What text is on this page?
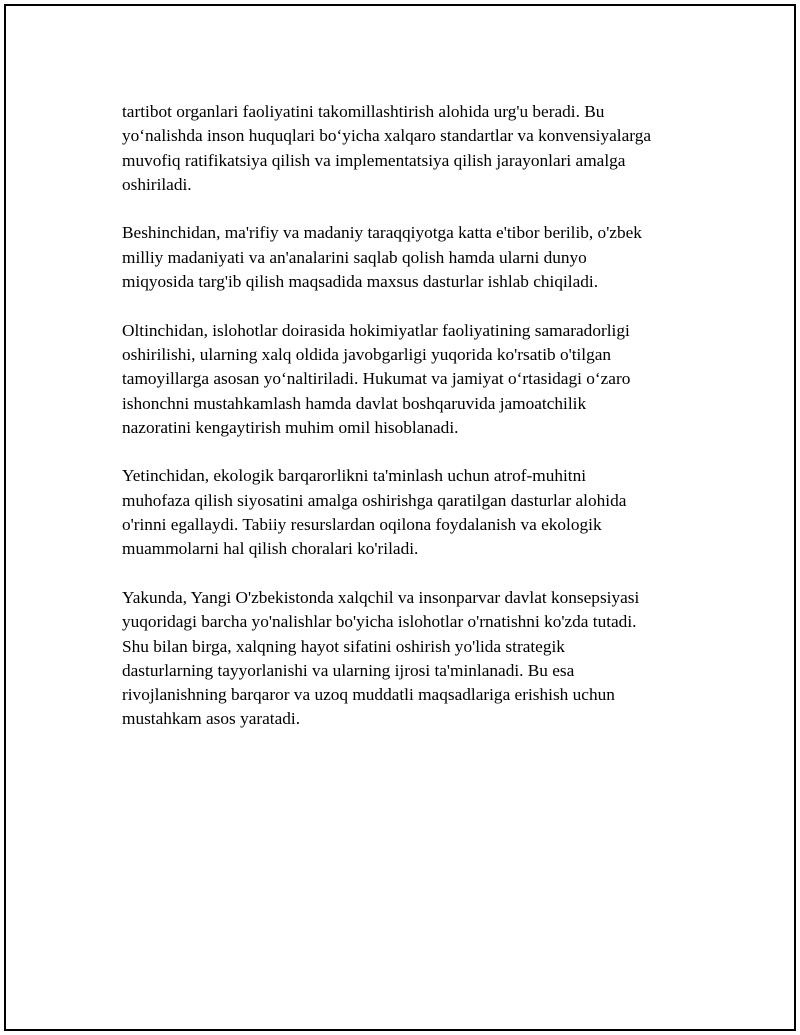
tartibot organlari faoliyatini takomillashtirish alohida urg'u beradi. Bu
yo‘nalishda inson huquqlari bo‘yicha xalqaro standartlar va konvensiyalarga
muvofiq ratifikatsiya qilish va implementatsiya qilish jarayonlari amalga
oshiriladi.

Beshinchidan, ma'rifiy va madaniy taraqqiyotga katta e'tibor berilib, o'zbek
milliy madaniyati va an'analarini saqlab qolish hamda ularni dunyo
miqyosida targ'ib qilish maqsadida maxsus dasturlar ishlab chiqiladi.

Oltinchidan, islohotlar doirasida hokimiyatlar faoliyatining samaradorligi
oshirilishi, ularning xalq oldida javobgarligi yuqorida ko'rsatib o'tilgan
tamoyillarga asosan yo‘naltiriladi. Hukumat va jamiyat o‘rtasidagi o‘zaro
ishonchni mustahkamlash hamda davlat boshqaruvida jamoatchilik
nazoratini kengaytirish muhim omil hisoblanadi.

Yetinchidan, ekologik barqarorlikni ta'minlash uchun atrof-muhitni
muhofaza qilish siyosatini amalga oshirishga qaratilgan dasturlar alohida
o'rinni egallaydi. Tabiiy resurslardan oqilona foydalanish va ekologik
muammolarni hal qilish choralari ko'riladi.

Yakunda, Yangi O'zbekistonda xalqchil va insonparvar davlat konsepsiyasi
yuqoridagi barcha yo'nalishlar bo'yicha islohotlar o'rnatishni ko'zda tutadi.
Shu bilan birga, xalqning hayot sifatini oshirish yo'lida strategik
dasturlarning tayyorlanishi va ularning ijrosi ta'minlanadi. Bu esa
rivojlanishning barqaror va uzoq muddatli maqsadlariga erishish uchun
mustahkam asos yaratadi.
